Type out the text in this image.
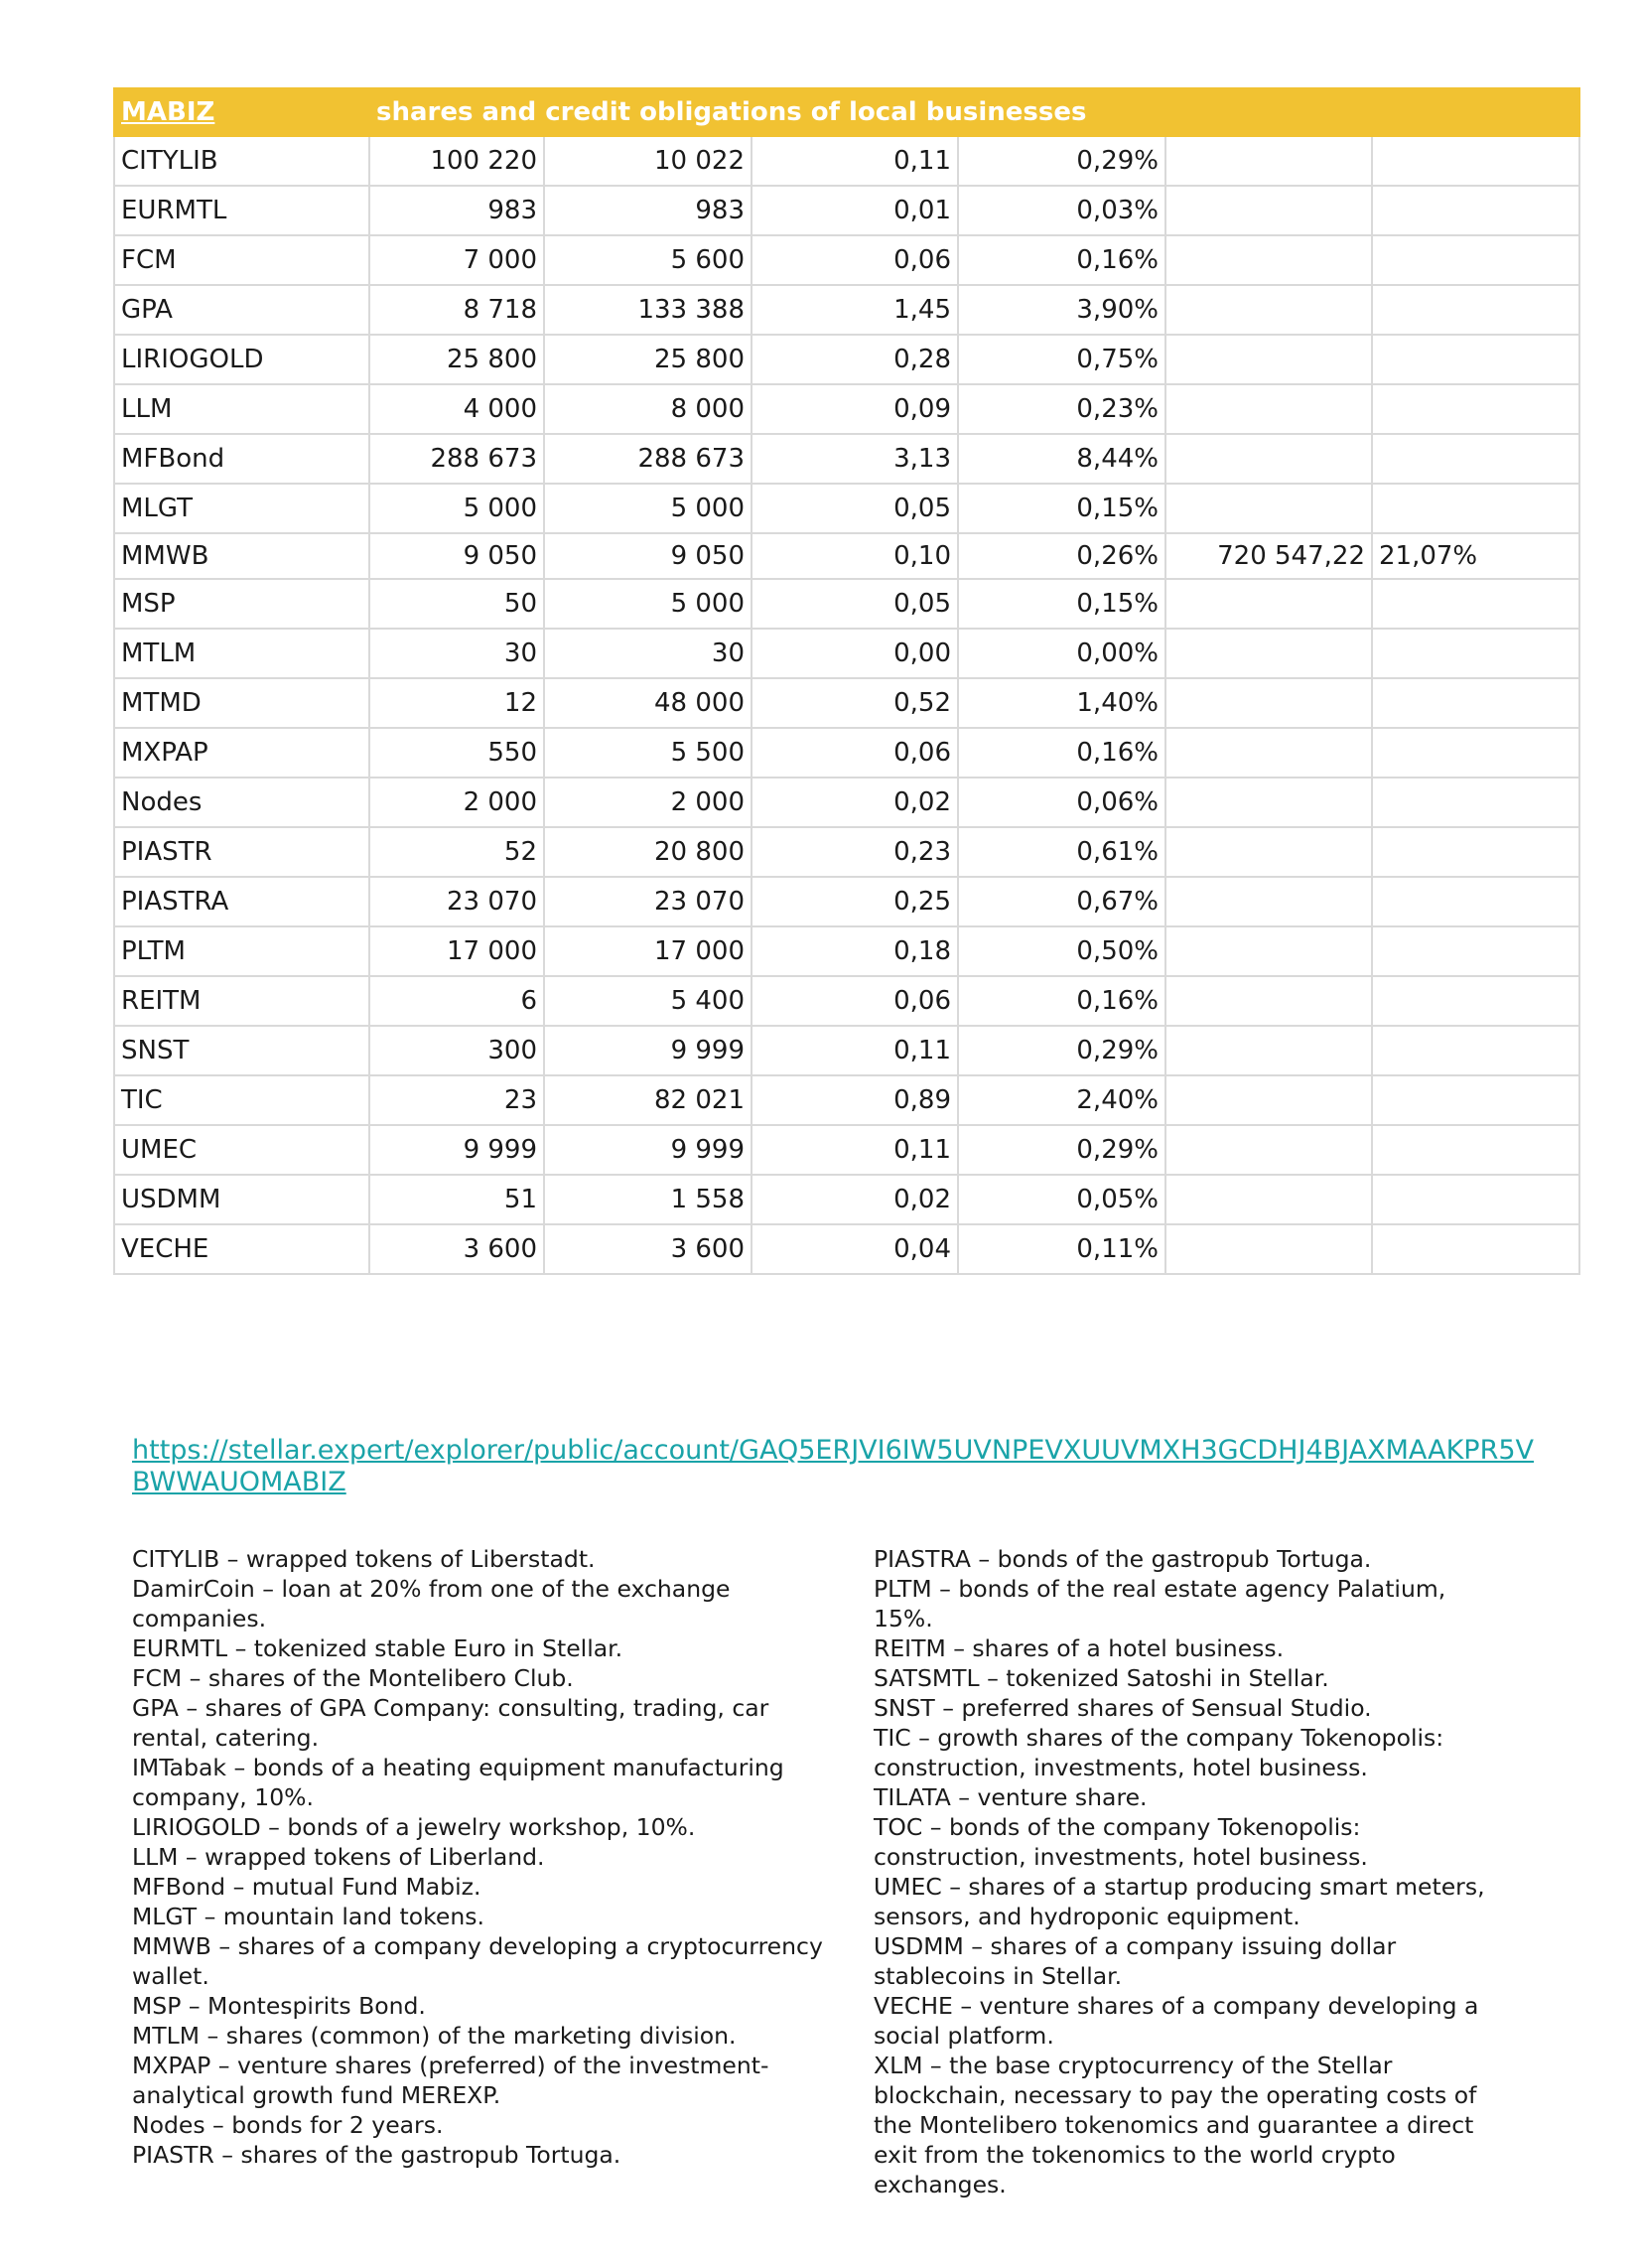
MABIZ	shares and credit obligations of local businesses					
CITYLIB	100 220	10 022	0,11	0,29%		
EURMTL	983	983	0,01	0,03%		
FCM	7 000	5 600	0,06	0,16%		
GPA	8 718	133 388	1,45	3,90%		
LIRIOGOLD	25 800	25 800	0,28	0,75%		
LLM	4 000	8 000	0,09	0,23%		
MFBond	288 673	288 673	3,13	8,44%		
MLGT	5 000	5 000	0,05	0,15%		
MMWB	9 050	9 050	0,10	0,26%	720 547,22	21,07%
MSP	50	5 000	0,05	0,15%		
MTLM	30	30	0,00	0,00%		
MTMD	12	48 000	0,52	1,40%		
MXPAP	550	5 500	0,06	0,16%		
Nodes	2 000	2 000	0,02	0,06%		
PIASTR	52	20 800	0,23	0,61%		
PIASTRA	23 070	23 070	0,25	0,67%		
PLTM	17 000	17 000	0,18	0,50%		
REITM	6	5 400	0,06	0,16%		
SNST	300	9 999	0,11	0,29%		
TIC	23	82 021	0,89	2,40%		
UMEC	9 999	9 999	0,11	0,29%		
USDMM	51	1 558	0,02	0,05%		
VECHE	3 600	3 600	0,04	0,11%		
https://stellar.expert/explorer/public/account/GAQ5ERJVI6IW5UVNPEVXUUVMXH3GCDHJ4BJAXMAAKPR5VBWWAUOMABIZ

CITYLIB – wrapped tokens of Liberstadt.

DamirCoin – loan at 20% from one of the exchange companies.

EURMTL – tokenized stable Euro in Stellar.

FCM – shares of the Montelibero Club.

GPA – shares of GPA Company: consulting, trading, car rental, catering.

IMTabak – bonds of a heating equipment manufacturing company, 10%.

LIRIOGOLD – bonds of a jewelry workshop, 10%.

LLM – wrapped tokens of Liberland.

MFBond – mutual Fund Mabiz.

MLGT – mountain land tokens.

MMWB – shares of a company developing a cryptocurrency wallet.

MSP – Montespirits Bond.

MTLM – shares (common) of the marketing division.

MXPAP – venture shares (preferred) of the investment-analytical growth fund MEREXP.

Nodes – bonds for 2 years.

PIASTR – shares of the gastropub Tortuga.

PIASTRA – bonds of the gastropub Tortuga.

PLTM – bonds of the real estate agency Palatium, 15%.

REITM – shares of a hotel business.

SATSMTL – tokenized Satoshi in Stellar.

SNST – preferred shares of Sensual Studio.

TIC – growth shares of the company Tokenopolis: construction, investments, hotel business.

TILATA – venture share.

TOC – bonds of the company Tokenopolis: construction, investments, hotel business.

UMEC – shares of a startup producing smart meters, sensors, and hydroponic equipment.

USDMM – shares of a company issuing dollar stablecoins in Stellar.

VECHE – venture shares of a company developing a social platform.

XLM – the base cryptocurrency of the Stellar blockchain, necessary to pay the operating costs of the Montelibero tokenomics and guarantee a direct exit from the tokenomics to the world crypto exchanges.
